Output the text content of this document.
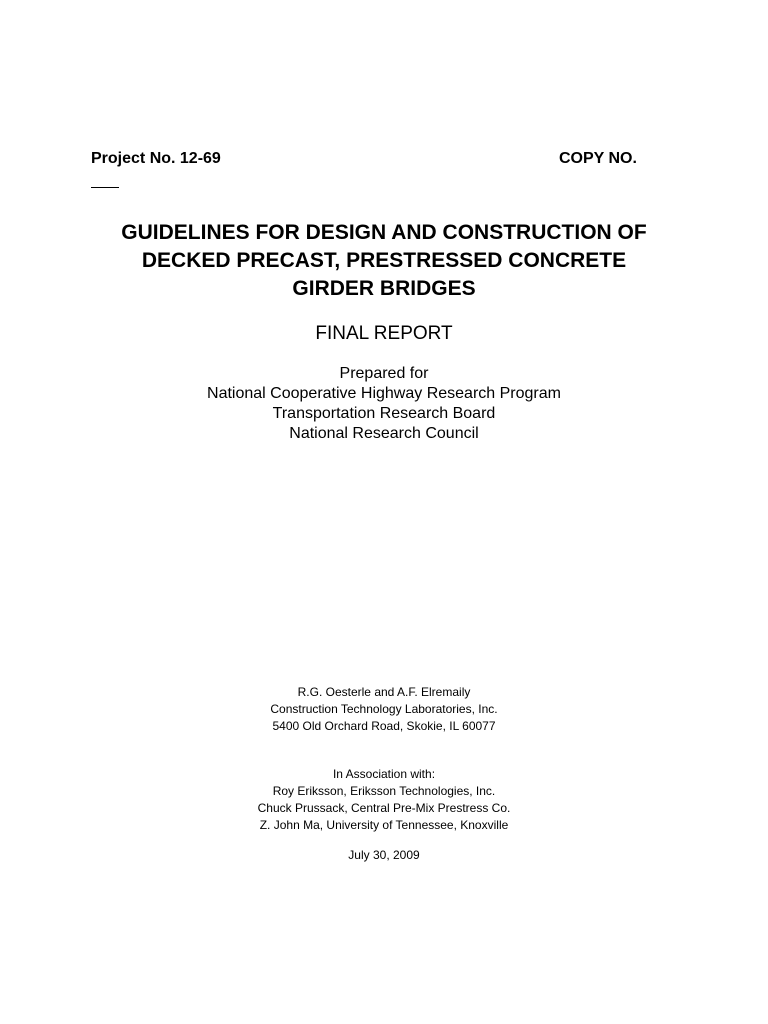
Project No. 12-69	COPY NO.
GUIDELINES FOR DESIGN AND CONSTRUCTION OF
DECKED PRECAST, PRESTRESSED CONCRETE
GIRDER BRIDGES
FINAL REPORT
Prepared for
National Cooperative Highway Research Program
Transportation Research Board
National Research Council
R.G. Oesterle and A.F. Elremaily
Construction Technology Laboratories, Inc.
5400 Old Orchard Road, Skokie, IL 60077
In Association with:
Roy Eriksson, Eriksson Technologies, Inc.
Chuck Prussack, Central Pre-Mix Prestress Co.
Z. John Ma, University of Tennessee, Knoxville
July 30, 2009
